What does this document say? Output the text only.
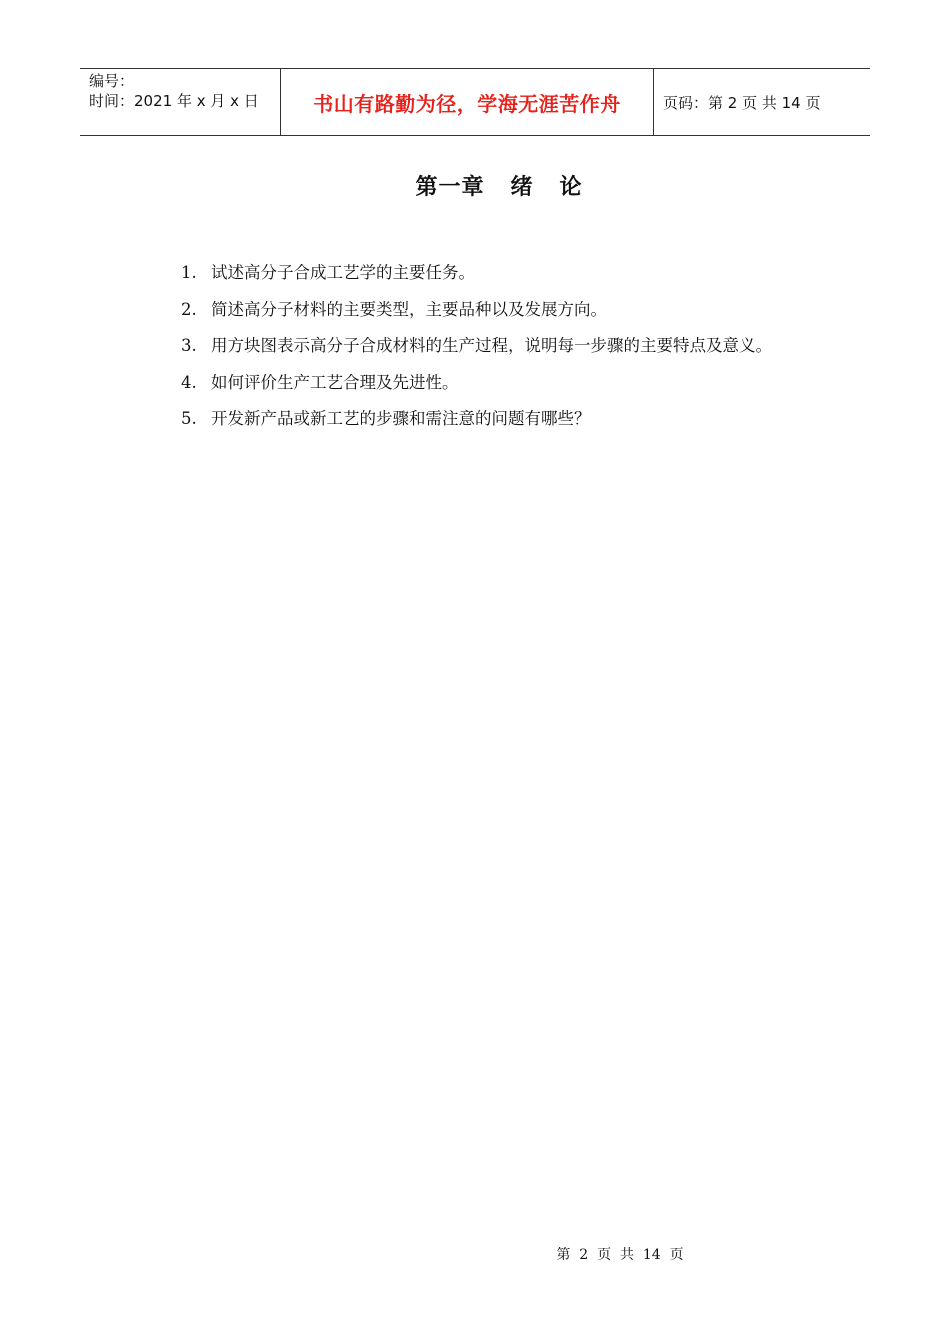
编号：
时间：2021 年 x 月 x 日	书山有路勤为径，学海无涯苦作舟	页码：第 2 页 共 14 页
第一章   绪   论

1. 试述高分子合成工艺学的主要任务。

2. 简述高分子材料的主要类型，主要品种以及发展方向。

3. 用方块图表示高分子合成材料的生产过程，说明每一步骤的主要特点及意义。

4. 如何评价生产工艺合理及先进性。

5. 开发新产品或新工艺的步骤和需注意的问题有哪些？

第  2  页  共  14  页
